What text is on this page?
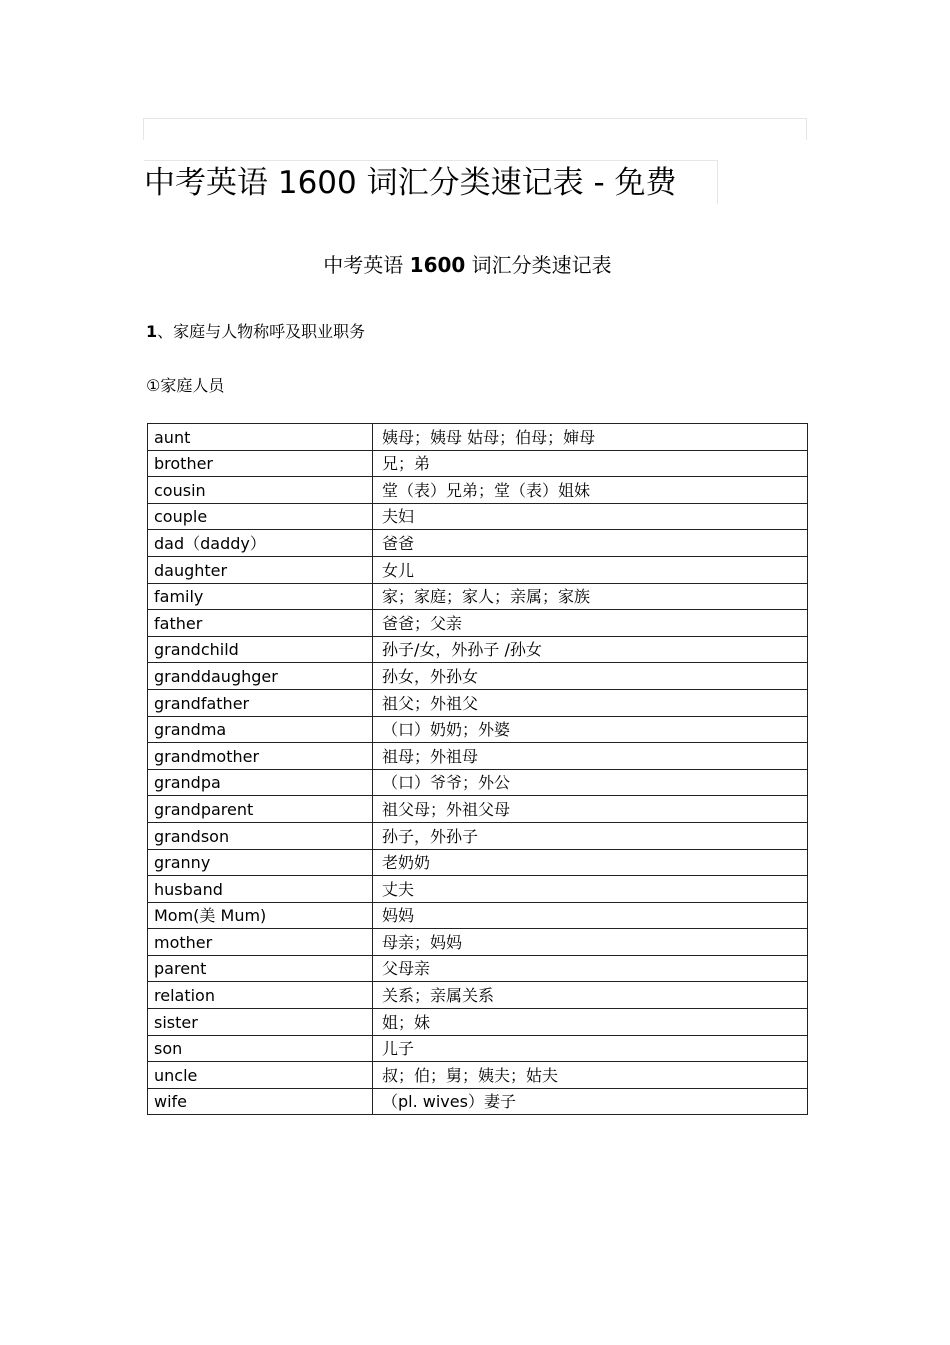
中考英语 1600 词汇分类速记表 - 免费
中考英语 1600 词汇分类速记表
1、家庭与人物称呼及职业职务
①家庭人员
aunt	姨母；姨母 姑母；伯母；婶母
brother	兄；弟
cousin	堂（表）兄弟；堂（表）姐妹
couple	夫妇
dad（daddy）	爸爸
daughter	女儿
family	家；家庭；家人；亲属；家族
father	爸爸；父亲
grandchild	孙子/女，外孙子 /孙女
granddaughger	孙女，外孙女
grandfather	祖父；外祖父
grandma	（口）奶奶；外婆
grandmother	祖母；外祖母
grandpa	（口）爷爷；外公
grandparent	祖父母；外祖父母
grandson	孙子，外孙子
granny	老奶奶
husband	丈夫
Mom(美 Mum)	妈妈
mother	母亲；妈妈
parent	父母亲
relation	关系；亲属关系
sister	姐；妹
son	儿子
uncle	叔；伯；舅；姨夫；姑夫
wife	（pl. wives）妻子
